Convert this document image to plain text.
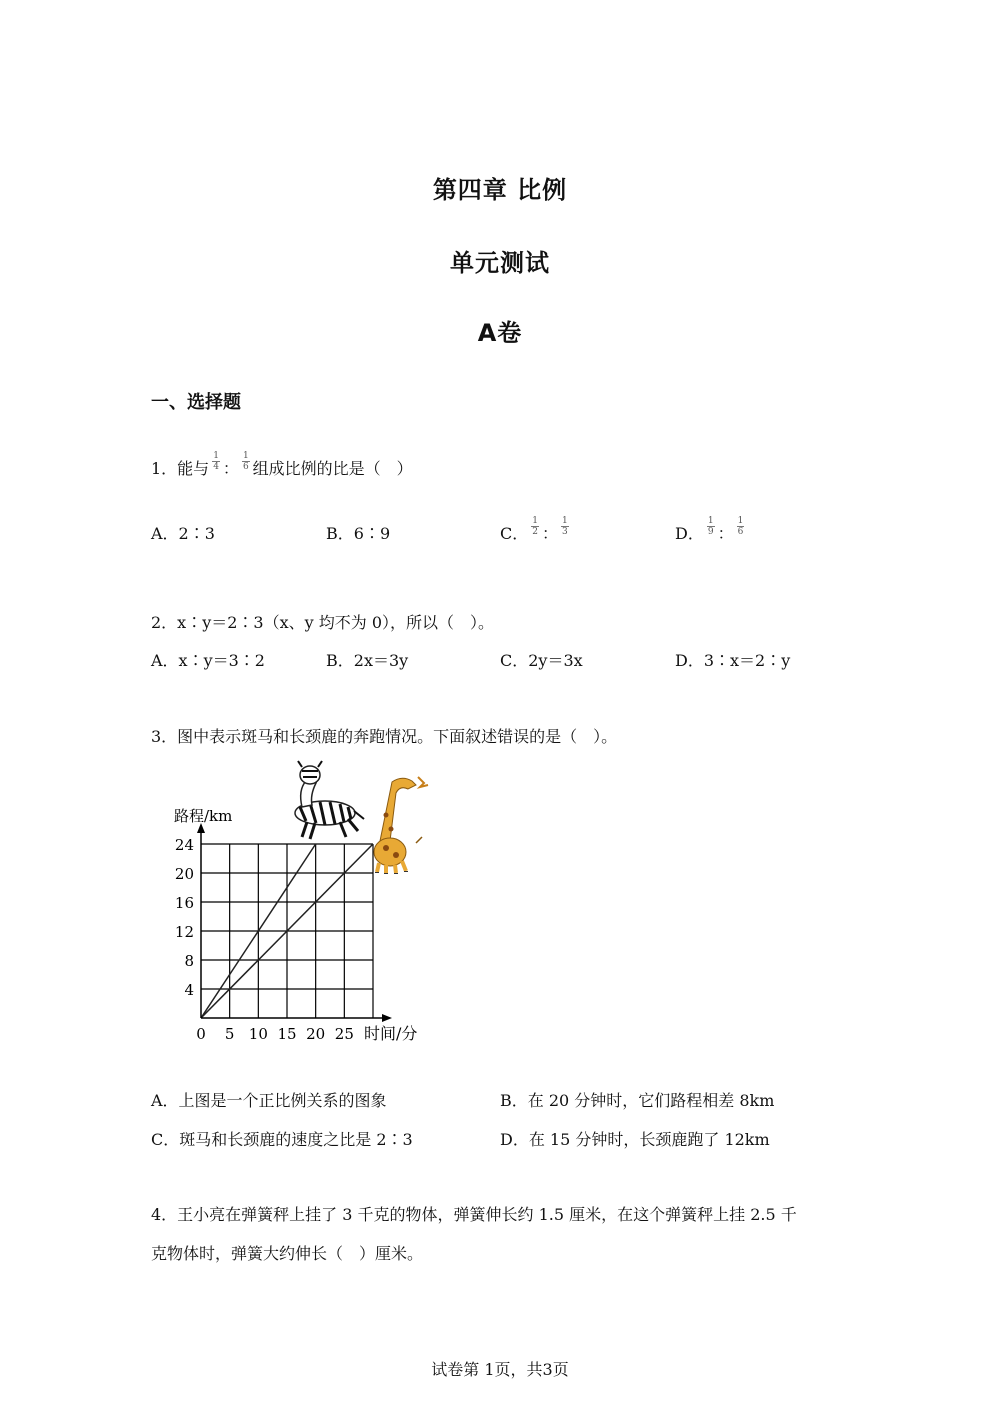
第四章 比例
单元测试
A卷
一、选择题
1．能与 $\frac{1}{4}$ ： $\frac{1}{6}$ 组成比例的比是（　）
A．2∶3	B．6∶9	C． $\frac{1}{2}$ ： $\frac{1}{3}$	D． $\frac{1}{9}$ ： $\frac{1}{6}$
2．x∶y＝2∶3（x、y 均不为 0），所以（　）。
A．x∶y＝3∶2	B．2x＝3y	C．2y＝3x	D．3∶x＝2∶y
3．图中表示斑马和长颈鹿的奔跑情况。下面叙述错误的是（　）。
0 5 10 15 20 25
4
8
12
16
20
24
路程/km
时间/分
A．上图是一个正比例关系的图象	B．在 20 分钟时，它们路程相差 8km
C．斑马和长颈鹿的速度之比是 2∶3	D．在 15 分钟时，长颈鹿跑了 12km
4．王小亮在弹簧秤上挂了 3 千克的物体，弹簧伸长约 1.5 厘米，在这个弹簧秤上挂 2.5 千
克物体时，弹簧大约伸长（　）厘米。
试卷第 1页，共3页
